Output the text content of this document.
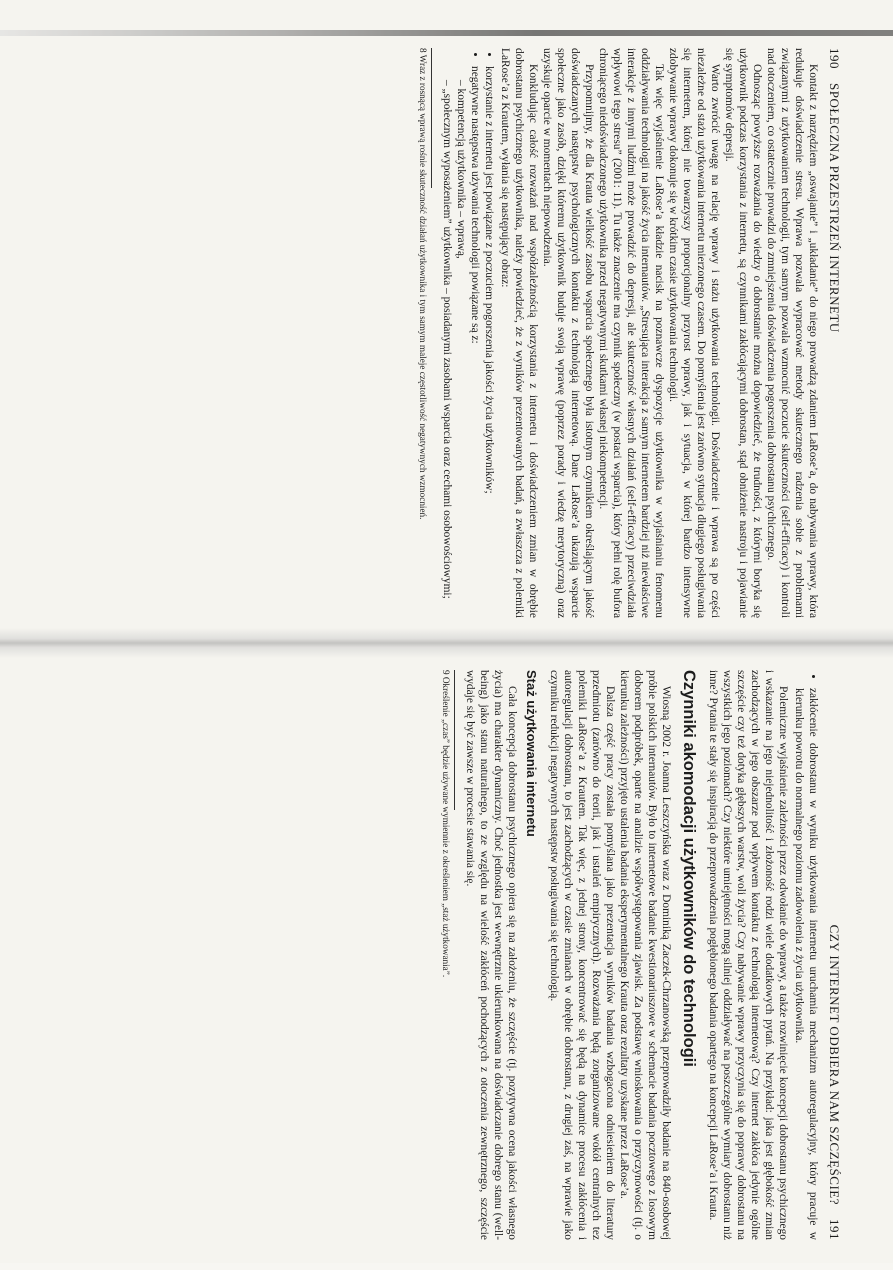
190
SPOŁECZNA PRZESTRZEŃ INTERNETU

Kontakt z narzędziem „oswajanie” i „układanie” do niego prowadzą zdaniem LaRose’a, do nabywania wprawy, która redukuje doświadczenie stresu. Wprawa pozwala wypracować metody skutecznego radzenia sobie z problemami związanymi z użytkowaniem technologii, tym samym pozwala wzmocnić poczucie skuteczności (self-efficacy) i kontroli nad otoczeniem, co ostatecznie prowadzi do zmniejszenia doświadczenia pogorszenia dobrostanu psychicznego.

Odnosząc powyższe rozważania do wiedzy o dobrostanie można dopowiedzieć, że trudności, z którymi boryka się użytkownik podczas korzystania z internetu, są czynnikami zakłócającymi dobrostan, stąd obniżenie nastroju i pojawianie się symptomów depresji.

Warto zwrócić uwagę na relację wprawy i stażu użytkowania technologii. Doświadczenie i wprawa są po części niezależne od stażu użytkowania internetu mierzonego czasem. Do pomyślenia jest zarówno sytuacja długiego posługiwania się internetem, której nie towarzyszy proporcjonalny przyrost wprawy, jak i sytuacja, w której bardzo intensywne zdobywanie wprawy dokonuje się w krótkim czasie użytkowania technologii.

Tak więc wyjaśnienie LaRose’a kładzie nacisk na poznawcze dyspozycje użytkownika w wyjaśnianiu fenomenu oddziaływania technologii na jakość życia internautów. „Stresująca interakcja z samym internetem bardziej niż niewłaściwe interakcje z innymi ludźmi może prowadzić do depresji, ale skuteczność własnych działań (self-efficacy) przeciwdziała wpływowi tego stresu” (2001: 11). Tu także znaczenie ma czynnik społeczny (w postaci wsparcia), który pełni rolę bufora chroniącego niedoświadczonego użytkownika przed negatywnymi skutkami własnej niekompetencji.

Przypomnijmy, że dla Krauta wielkość zasobu wsparcia społecznego była istotnym czynnikiem określającym jakość doświadczanych następstw psychologicznych kontaktu z technologią internetową. Dane LaRose’a ukazują wsparcie społeczne jako zasób, dzięki któremu użytkownik buduje swoją wprawę (poprzez porady i wiedzę merytoryczną) oraz uzyskuje oparcie w momentach niepowodzenia.

Konkludując całość rozważań nad współzależnością korzystania z internetu i doświadczeniem zmian w obrębie dobrostanu psychicznego użytkownika, należy powiedzieć, że z wyników prezentowanych badań, a zwłaszcza z polemiki LaRose’a z Krautem, wyłania się następujący obraz:

• korzystanie z internetu jest powiązane z poczuciem pogorszenia jakości życia użytkowników;
• negatywne następstwa używania technologii powiązane są z:
– kompetencją użytkownika – wprawą,
– „społecznym wyposażeniem” użytkownika – posiadanymi zasobami wsparcia oraz cechami osobowościowymi;
8 Wraz z rosnącą wprawą rośnie skuteczność działań użytkownika i tym samym maleje częstotliwość negatywnych wzmocnień.
CZY INTERNET ODBIERA NAM SZCZĘŚCIE?
191
• zakłócenie dobrostanu w wyniku użytkowania internetu uruchamia mechanizm autoregulacyjny, który pracuje w kierunku powrotu do normalnego poziomu zadowolenia z życia użytkownika.

Polemiczne wyjaśnienie zależności przez odwołanie do wprawy, a także rozwinięcie koncepcji dobrostanu psychicznego i wskazanie na jego niejednolitość i złożoność rodzi wiele dodatkowych pytań. Na przykład: jaka jest głębokość zmian zachodzących w jego obszarze pod wpływem kontaktu z technologią internetową? Czy internet zakłóca jedynie ogólne szczęście czy też dotyka głębszych warstw, woli życia? Czy nabywanie wprawy przyczynia się do poprawy dobrostanu na wszystkich jego poziomach? Czy niektóre umiejętności mogą silniej oddziaływać na poszczególne wymiary dobrostanu niż inne? Pytania te stały się inspiracją do przeprowadzenia pogłębionego badania opartego na koncepcji LaRose’a i Krauta.

Czynniki akomodacji użytkowników do technologii

Wiosną 2002 r. Joanna Leszczyńska wraz z Dominiką Zaczek-Chrzanowską przeprowadziły badanie na 840-osobowej próbie polskich internautów. Było to internetowe badanie kwestionariuszowe w schemacie badania pocztowego z losowym doborem podpróbek, oparte na analizie współwystępowania zjawisk. Za podstawę wnioskowania o przyczynowości (tj. o kierunku zależności) przyjęto ustalenia badania eksperymentalnego Krauta oraz rezultaty uzyskane przez LaRose’a.

Dalsza część pracy została pomyślana jako prezentacja wyników badania wzbogacona odniesieniem do literatury przedmiotu (zarówno do teorii, jak i ustaleń empirycznych). Rozważania będą zorganizowane wokół centralnych tez polemiki LaRose’a z Krautem. Tak więc, z jednej strony, koncentrować się będą na dynamice procesu zakłócenia i autoregulacji dobrostanu, to jest zachodzących w czasie zmianach w obrębie dobrostanu, z drugiej zaś, na wprawie jako czynniku redukcji negatywnych następstw posługiwania się technologią.

Staż użytkowania internetu

Cała koncepcja dobrostanu psychicznego opiera się na założeniu, że szczęście (tj. pozytywna ocena jakości własnego życia) ma charakter dynamiczny. Choć jednostka jest wewnętrznie ukierunkowana na doświadczanie dobrego stanu (well-being) jako stanu naturalnego, to ze względu na wielość zakłóceń pochodzących z otoczenia zewnętrznego, szczęście wydaje się być zawsze w procesie stawania się.

9 Określenie „czas” będzie używane wymiennie z określeniem „staż użytkowania”.
